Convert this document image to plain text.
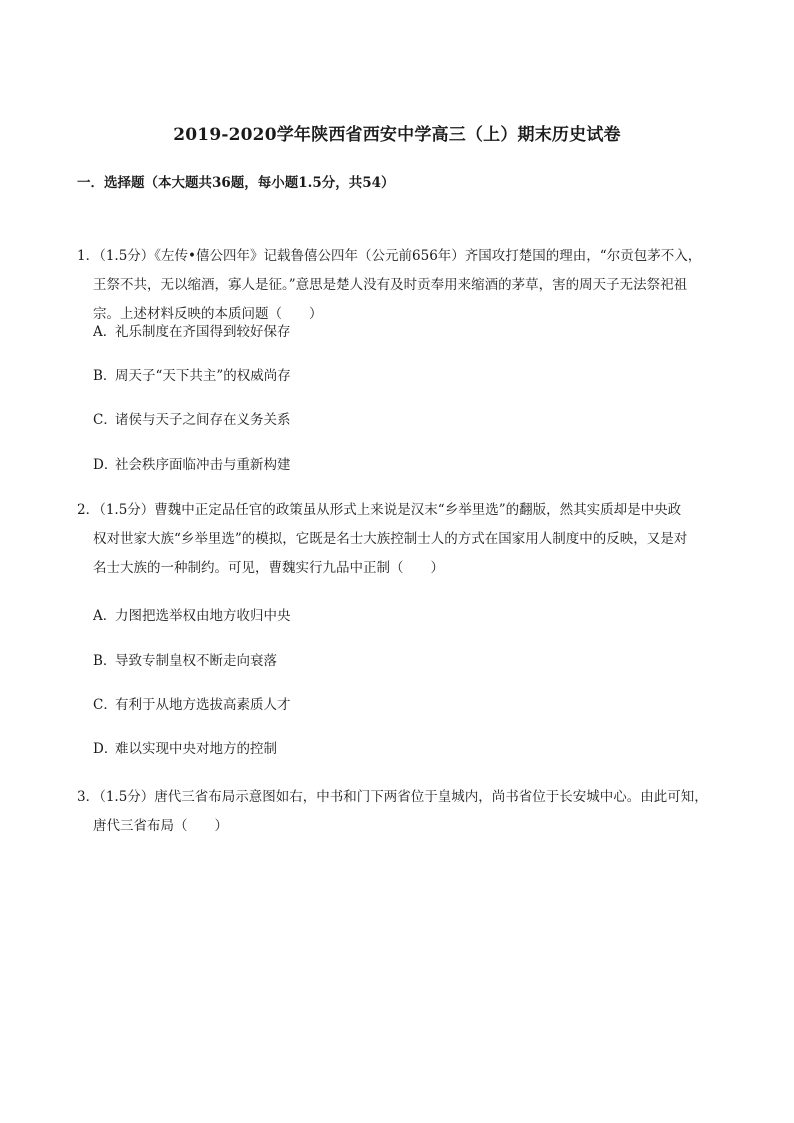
2019-2020学年陕西省西安中学高三（上）期末历史试卷
一．选择题（本大题共36题，每小题1.5分，共54）
1．（1.5分）《左传•僖公四年》记载鲁僖公四年（公元前656年）齐国攻打楚国的理由，“尔贡包茅不入，
王祭不共，无以缩酒，寡人是征。”意思是楚人没有及时贡奉用来缩酒的茅草，害的周天子无法祭祀祖
宗。上述材料反映的本质问题（　　）
A．礼乐制度在齐国得到较好保存
B．周天子“天下共主”的权威尚存
C．诸侯与天子之间存在义务关系
D．社会秩序面临冲击与重新构建
2．（1.5分）曹魏中正定品任官的政策虽从形式上来说是汉末“乡举里选”的翻版，然其实质却是中央政
权对世家大族“乡举里选”的模拟，它既是名士大族控制士人的方式在国家用人制度中的反映，又是对
名士大族的一种制约。可见，曹魏实行九品中正制（　　）
A．力图把选举权由地方收归中央
B．导致专制皇权不断走向衰落
C．有利于从地方选拔高素质人才
D．难以实现中央对地方的控制
3．（1.5分）唐代三省布局示意图如右，中书和门下两省位于皇城内，尚书省位于长安城中心。由此可知，
唐代三省布局（　　）
